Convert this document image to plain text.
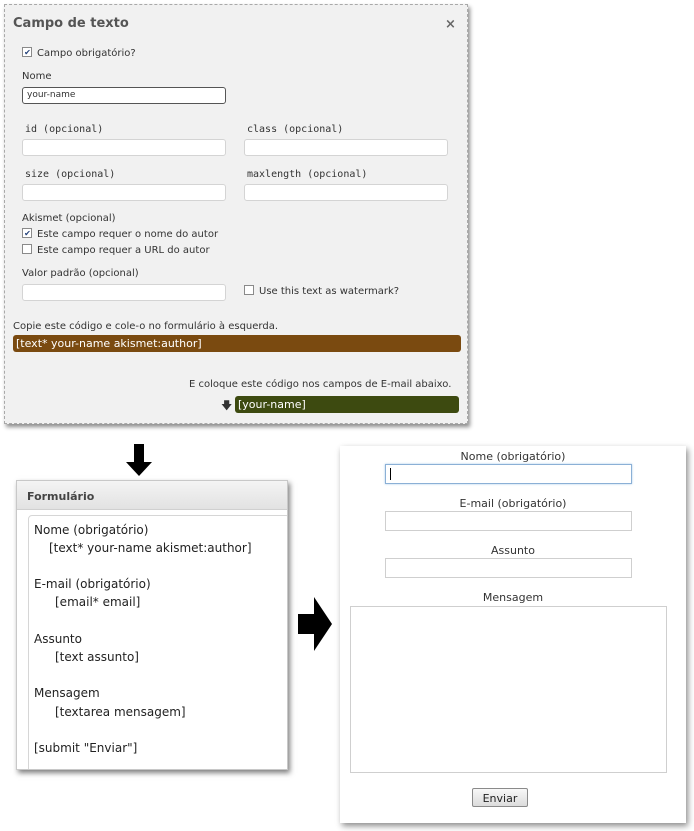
Campo de texto	×
✔Campo obrigatório?
Nome
your-name
id (opcional)	class (opcional)
size (opcional)	maxlength (opcional)
Akismet (opcional)
✔Este campo requer o nome do autor
Este campo requer a URL do autor
Valor padrão (opcional)
Use this text as watermark?
Copie este código e cole-o no formulário à esquerda.
[text* your-name akismet:author]
E coloque este código nos campos de E-mail abaixo.
🡇 [your-name]
Formulário
Nome (obrigatório)
[text* your-name akismet:author]
E-mail (obrigatório)
[email* email]
Assunto
[text assunto]
Mensagem
[textarea mensagem]
[submit "Enviar"]
Nome (obrigatório)
E-mail (obrigatório)
Assunto
Mensagem
Enviar
